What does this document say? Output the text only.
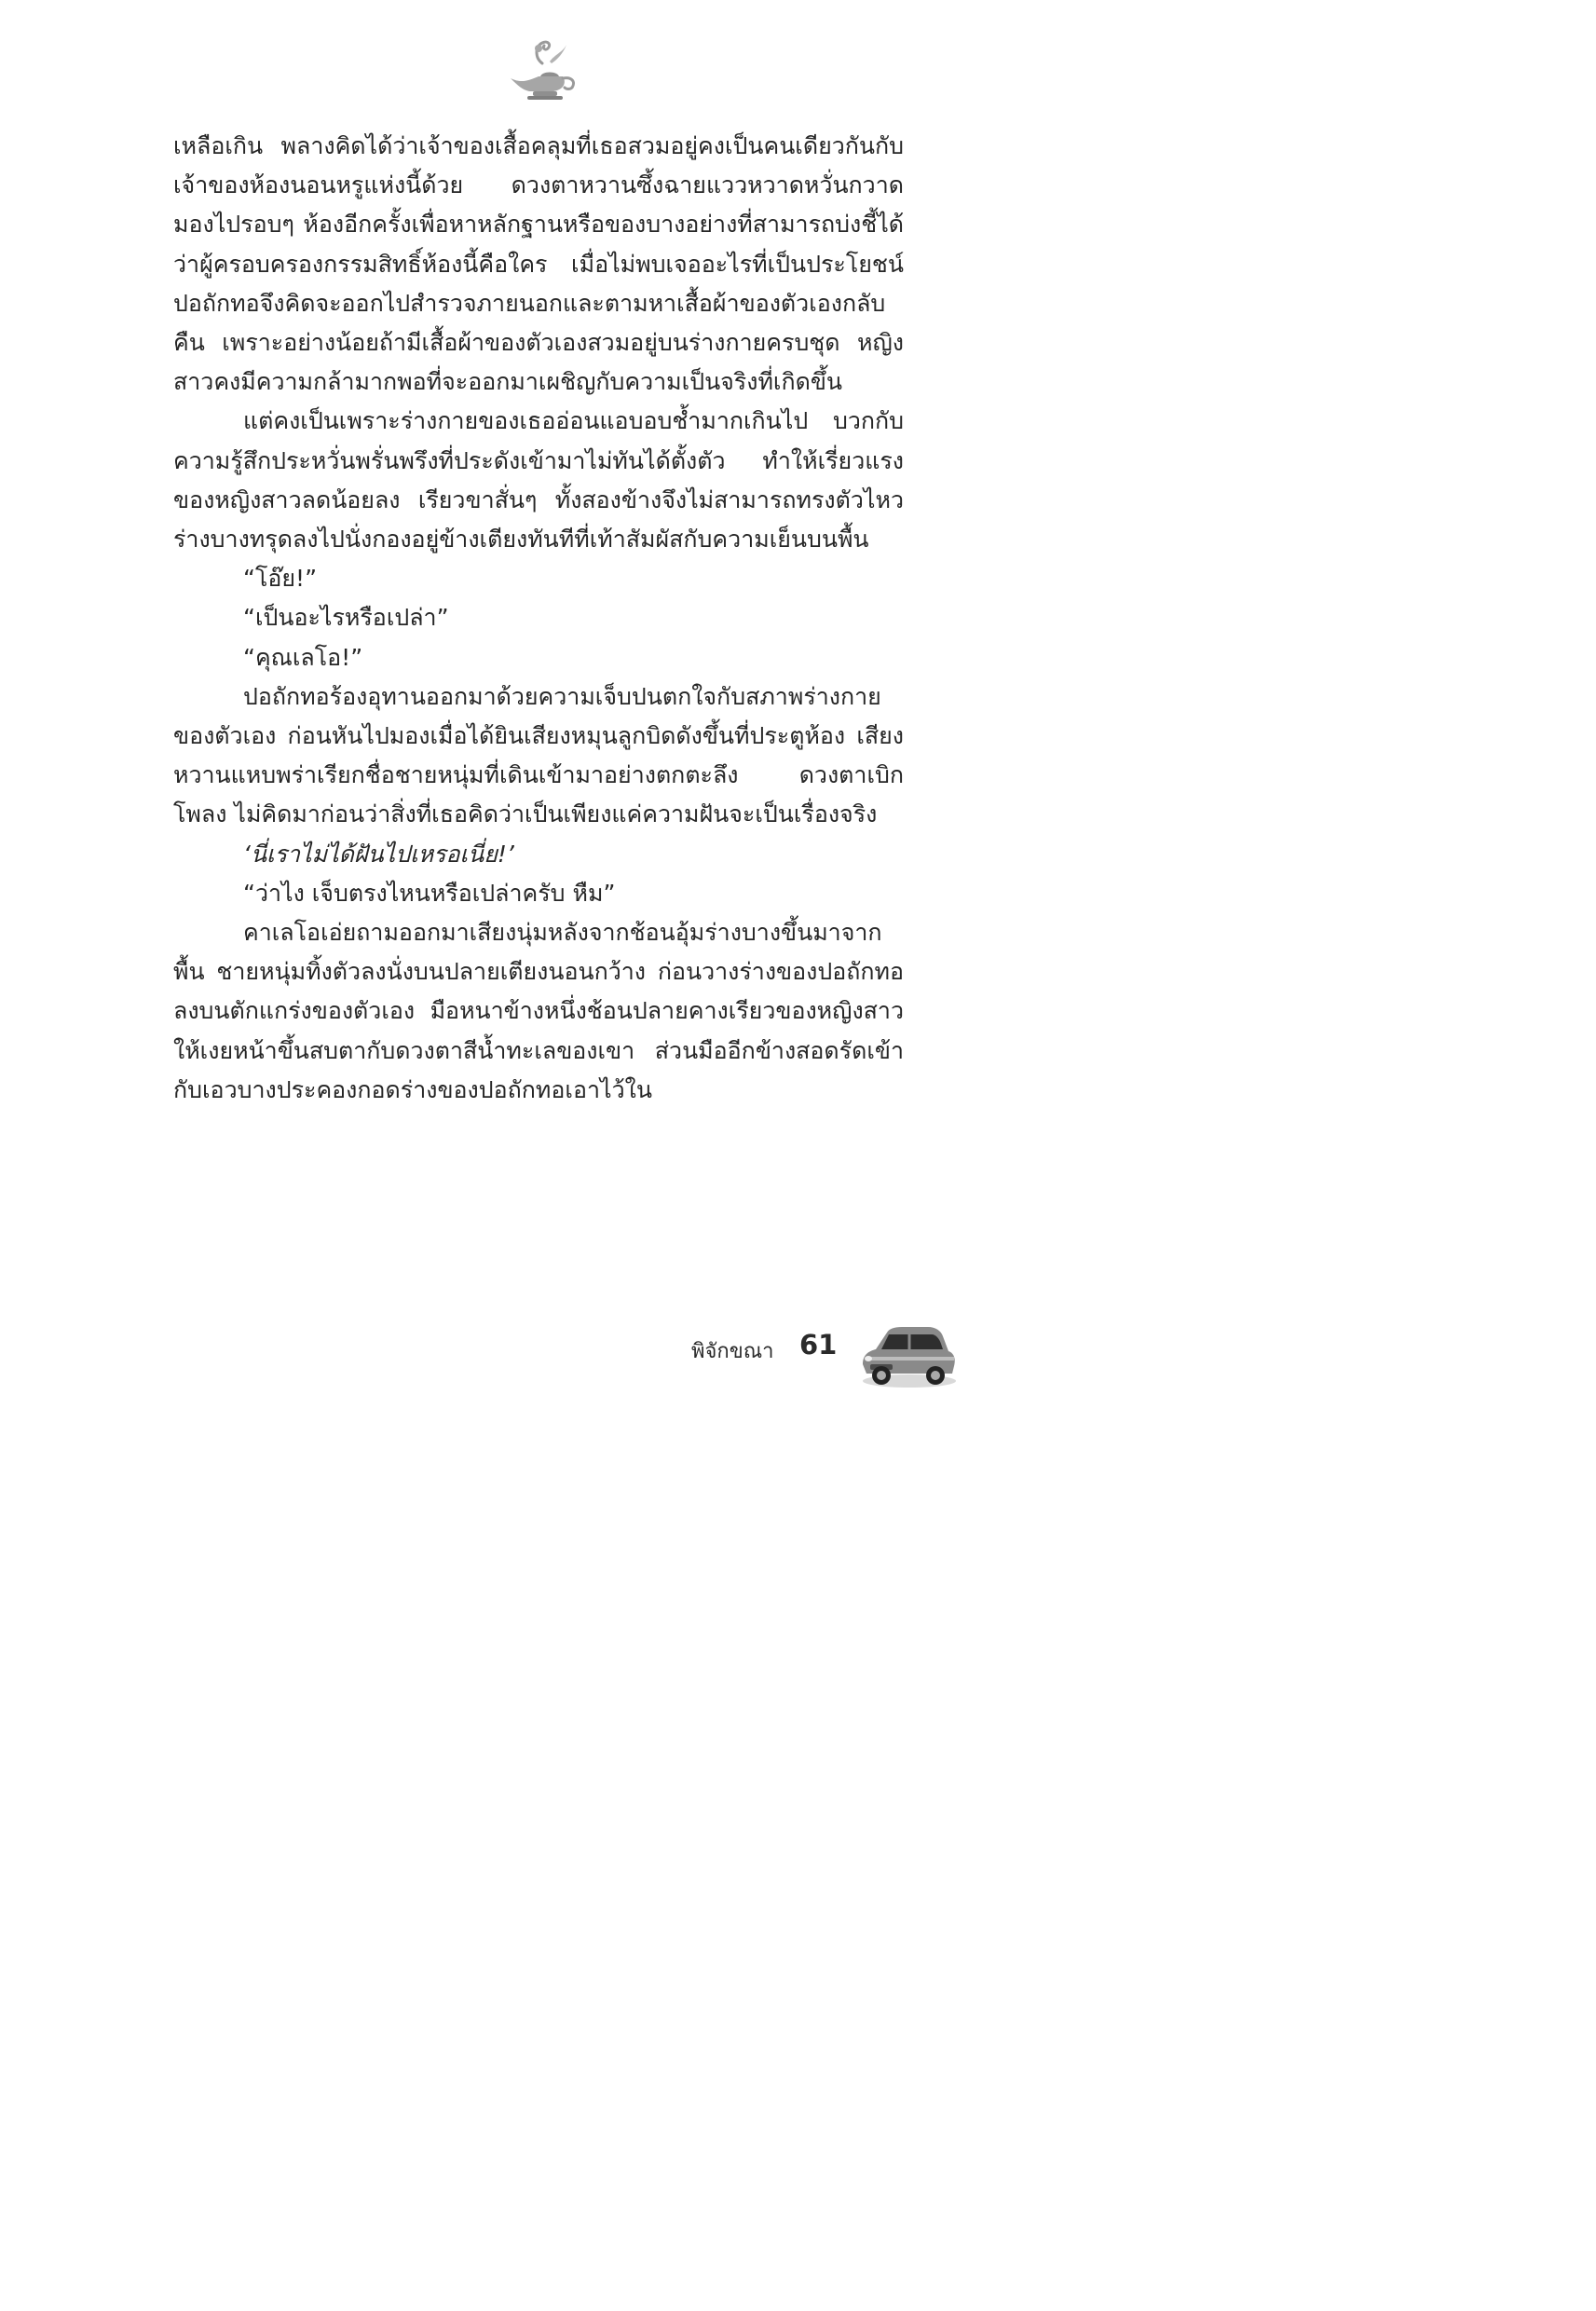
เหลือเกิน พลางคิดได้ว่าเจ้าของเสื้อคลุมที่เธอสวมอยู่คงเป็นคนเดียวกันกับเจ้าของห้องนอนหรูแห่งนี้ด้วย ดวงตาหวานซึ้งฉายแววหวาดหวั่นกวาดมองไปรอบๆ ห้องอีกครั้งเพื่อหาหลักฐานหรือของบางอย่างที่สามารถบ่งชี้ได้ว่าผู้ครอบครองกรรมสิทธิ์ห้องนี้คือใคร เมื่อไม่พบเจออะไรที่เป็นประโยชน์ ปอถักทอจึงคิดจะออกไปสำรวจภายนอกและตามหาเสื้อผ้าของตัวเองกลับคืน เพราะอย่างน้อยถ้ามีเสื้อผ้าของตัวเองสวมอยู่บนร่างกายครบชุด หญิงสาวคงมีความกล้ามากพอที่จะออกมาเผชิญกับความเป็นจริงที่เกิดขึ้น

แต่คงเป็นเพราะร่างกายของเธออ่อนแอบอบช้ำมากเกินไป บวกกับความรู้สึกประหวั่นพรั่นพรึงที่ประดังเข้ามาไม่ทันได้ตั้งตัว ทำให้เรี่ยวแรงของหญิงสาวลดน้อยลง เรียวขาสั่นๆ ทั้งสองข้างจึงไม่สามารถทรงตัวไหว ร่างบางทรุดลงไปนั่งกองอยู่ข้างเตียงทันทีที่เท้าสัมผัสกับความเย็นบนพื้น

“โอ๊ย!”

“เป็นอะไรหรือเปล่า”

“คุณเลโอ!”

ปอถักทอร้องอุทานออกมาด้วยความเจ็บปนตกใจกับสภาพร่างกายของตัวเอง ก่อนหันไปมองเมื่อได้ยินเสียงหมุนลูกบิดดังขึ้นที่ประตูห้อง เสียงหวานแหบพร่าเรียกชื่อชายหนุ่มที่เดินเข้ามาอย่างตกตะลึง ดวงตาเบิกโพลง ไม่คิดมาก่อนว่าสิ่งที่เธอคิดว่าเป็นเพียงแค่ความฝันจะเป็นเรื่องจริง

‘นี่เราไม่ได้ฝันไปเหรอเนี่ย!’

“ว่าไง เจ็บตรงไหนหรือเปล่าครับ หืม”

คาเลโอเอ่ยถามออกมาเสียงนุ่มหลังจากช้อนอุ้มร่างบางขึ้นมาจากพื้น ชายหนุ่มทิ้งตัวลงนั่งบนปลายเตียงนอนกว้าง ก่อนวางร่างของปอถักทอลงบนตักแกร่งของตัวเอง มือหนาข้างหนึ่งช้อนปลายคางเรียวของหญิงสาวให้เงยหน้าขึ้นสบตากับดวงตาสีน้ำทะเลของเขา ส่วนมืออีกข้างสอดรัดเข้ากับเอวบางประคองกอดร่างของปอถักทอเอาไว้ใน

พิจักขณา 61
